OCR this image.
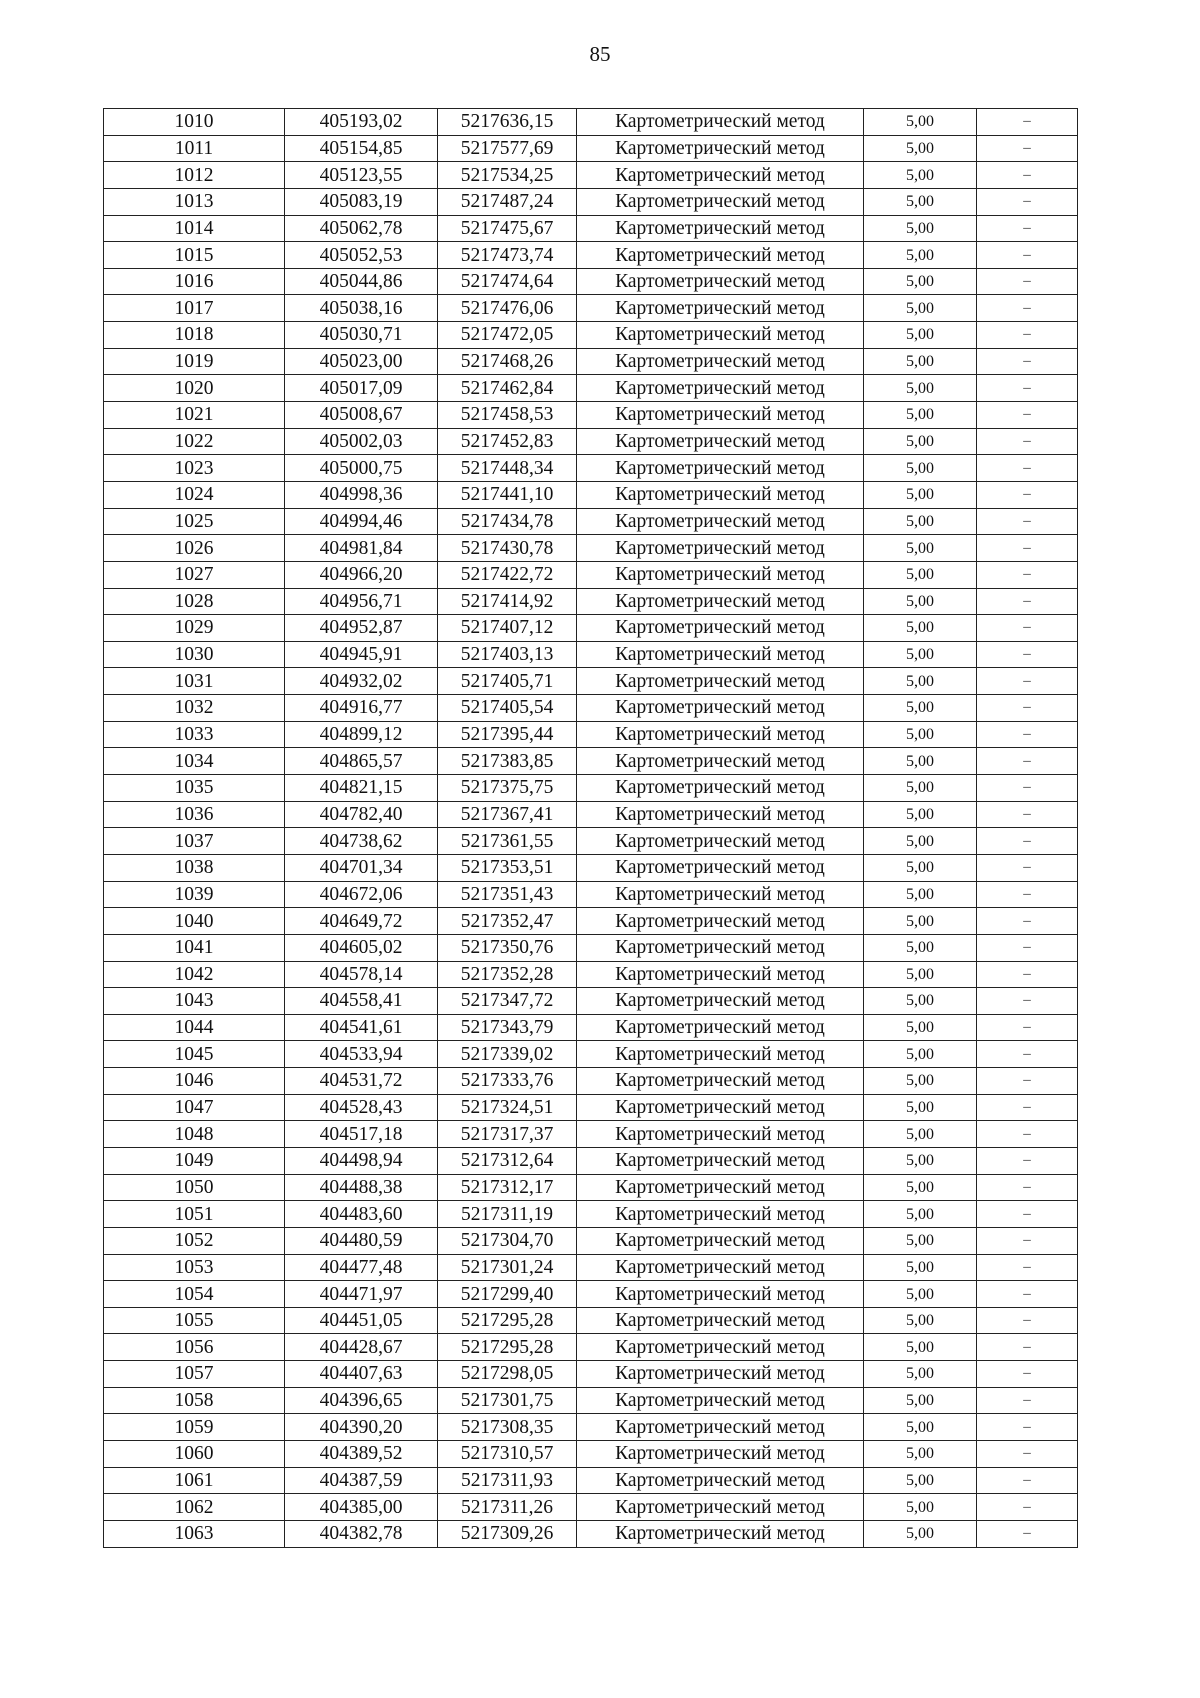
85
1010	405193,02	5217636,15	Картометрический метод	5,00	–
1011	405154,85	5217577,69	Картометрический метод	5,00	–
1012	405123,55	5217534,25	Картометрический метод	5,00	–
1013	405083,19	5217487,24	Картометрический метод	5,00	–
1014	405062,78	5217475,67	Картометрический метод	5,00	–
1015	405052,53	5217473,74	Картометрический метод	5,00	–
1016	405044,86	5217474,64	Картометрический метод	5,00	–
1017	405038,16	5217476,06	Картометрический метод	5,00	–
1018	405030,71	5217472,05	Картометрический метод	5,00	–
1019	405023,00	5217468,26	Картометрический метод	5,00	–
1020	405017,09	5217462,84	Картометрический метод	5,00	–
1021	405008,67	5217458,53	Картометрический метод	5,00	–
1022	405002,03	5217452,83	Картометрический метод	5,00	–
1023	405000,75	5217448,34	Картометрический метод	5,00	–
1024	404998,36	5217441,10	Картометрический метод	5,00	–
1025	404994,46	5217434,78	Картометрический метод	5,00	–
1026	404981,84	5217430,78	Картометрический метод	5,00	–
1027	404966,20	5217422,72	Картометрический метод	5,00	–
1028	404956,71	5217414,92	Картометрический метод	5,00	–
1029	404952,87	5217407,12	Картометрический метод	5,00	–
1030	404945,91	5217403,13	Картометрический метод	5,00	–
1031	404932,02	5217405,71	Картометрический метод	5,00	–
1032	404916,77	5217405,54	Картометрический метод	5,00	–
1033	404899,12	5217395,44	Картометрический метод	5,00	–
1034	404865,57	5217383,85	Картометрический метод	5,00	–
1035	404821,15	5217375,75	Картометрический метод	5,00	–
1036	404782,40	5217367,41	Картометрический метод	5,00	–
1037	404738,62	5217361,55	Картометрический метод	5,00	–
1038	404701,34	5217353,51	Картометрический метод	5,00	–
1039	404672,06	5217351,43	Картометрический метод	5,00	–
1040	404649,72	5217352,47	Картометрический метод	5,00	–
1041	404605,02	5217350,76	Картометрический метод	5,00	–
1042	404578,14	5217352,28	Картометрический метод	5,00	–
1043	404558,41	5217347,72	Картометрический метод	5,00	–
1044	404541,61	5217343,79	Картометрический метод	5,00	–
1045	404533,94	5217339,02	Картометрический метод	5,00	–
1046	404531,72	5217333,76	Картометрический метод	5,00	–
1047	404528,43	5217324,51	Картометрический метод	5,00	–
1048	404517,18	5217317,37	Картометрический метод	5,00	–
1049	404498,94	5217312,64	Картометрический метод	5,00	–
1050	404488,38	5217312,17	Картометрический метод	5,00	–
1051	404483,60	5217311,19	Картометрический метод	5,00	–
1052	404480,59	5217304,70	Картометрический метод	5,00	–
1053	404477,48	5217301,24	Картометрический метод	5,00	–
1054	404471,97	5217299,40	Картометрический метод	5,00	–
1055	404451,05	5217295,28	Картометрический метод	5,00	–
1056	404428,67	5217295,28	Картометрический метод	5,00	–
1057	404407,63	5217298,05	Картометрический метод	5,00	–
1058	404396,65	5217301,75	Картометрический метод	5,00	–
1059	404390,20	5217308,35	Картометрический метод	5,00	–
1060	404389,52	5217310,57	Картометрический метод	5,00	–
1061	404387,59	5217311,93	Картометрический метод	5,00	–
1062	404385,00	5217311,26	Картометрический метод	5,00	–
1063	404382,78	5217309,26	Картометрический метод	5,00	–
